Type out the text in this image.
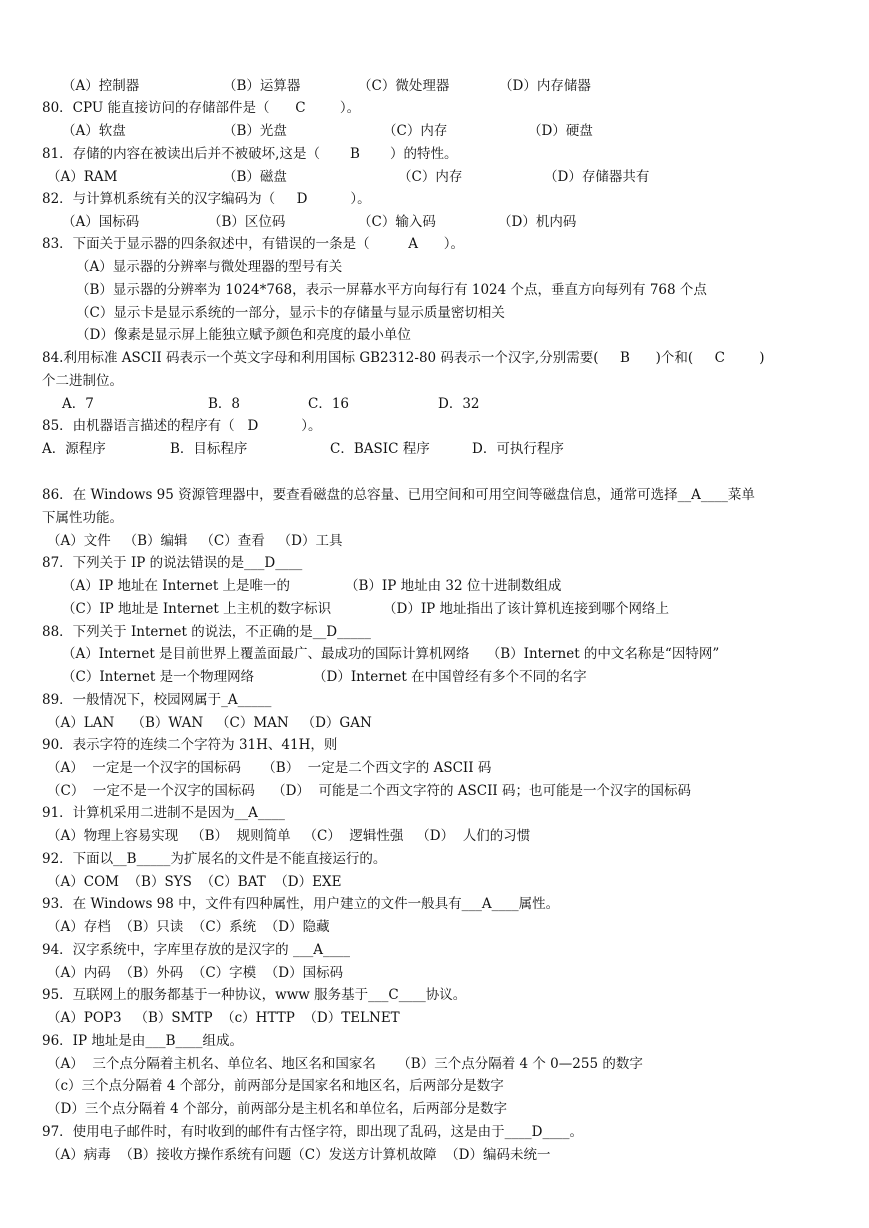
（A）控制器	（B）运算器	（C）微处理器	（D）内存储器
80．CPU 能直接访问的存储部件是（      C        ）。
（A）软盘	（B）光盘	（C）内存	（D）硬盘
81．存储的内容在被读出后并不被破坏,这是（       B       ）的特性。
（A）RAM	（B）磁盘	（C）内存	（D）存储器共有
82．与计算机系统有关的汉字编码为（     D          ）。
（A）国标码	（B）区位码	（C）输入码	（D）机内码
83．下面关于显示器的四条叙述中，有错误的一条是（         A      ）。
（A）显示器的分辨率与微处理器的型号有关
（B）显示器的分辨率为 1024*768，表示一屏幕水平方向每行有 1024 个点，垂直方向每列有 768 个点
（C）显示卡是显示系统的一部分，显示卡的存储量与显示质量密切相关
（D）像素是显示屏上能独立赋予颜色和亮度的最小单位
84.利用标准 ASCII 码表示一个英文字母和利用国标 GB2312-80 码表示一个汉字,分别需要(     B      )个和(     C        )
个二进制位。
A．7	B．8	C．16	D．32
85．由机器语言描述的程序有（   D          ）。
A．源程序	B．目标程序	C．BASIC 程序	D．可执行程序
86．在 Windows 95 资源管理器中，要查看磁盘的总容量、已用空间和可用空间等磁盘信息，通常可选择__A____菜单
下属性功能。
（A）文件   （B）编辑   （C）查看   （D）工具
87．下列关于 IP 的说法错误的是___D____
（A）IP 地址在 Internet 上是唯一的	（B）IP 地址由 32 位十进制数组成
（C）IP 地址是 Internet 上主机的数字标识	（D）IP 地址指出了该计算机连接到哪个网络上
88．下列关于 Internet 的说法，不正确的是__D_____
（A）Internet 是目前世界上覆盖面最广、最成功的国际计算机网络    （B）Internet 的中文名称是“因特网”
（C）Internet 是一个物理网络	（D）Internet 在中国曾经有多个不同的名字
89．一般情况下，校园网属于_A_____
（A）LAN    （B）WAN   （C）MAN   （D）GAN
90．表示字符的连续二个字符为 31H、41H，则
（A）  一定是一个汉字的国标码     （B）  一定是二个西文字的 ASCII 码
（C）  一定不是一个汉字的国标码    （D）  可能是二个西文字符的 ASCII 码；也可能是一个汉字的国标码
91．计算机采用二进制不是因为__A____
（A）物理上容易实现   （B）  规则简单   （C）  逻辑性强   （D）  人们的习惯
92．下面以__B_____为扩展名的文件是不能直接运行的。
（A）COM  （B）SYS  （C）BAT  （D）EXE
93．在 Windows 98 中，文件有四种属性，用户建立的文件一般具有___A____属性。
（A）存档  （B）只读  （C）系统  （D）隐藏
94．汉字系统中，字库里存放的是汉字的 ___A____
（A）内码  （B）外码  （C）字模  （D）国标码
95．互联网上的服务都基于一种协议，www 服务基于___C____协议。
（A）POP3   （B）SMTP  （c）HTTP  （D）TELNET
96．IP 地址是由___B____组成。
（A）  三个点分隔着主机名、单位名、地区名和国家名     （B）三个点分隔着 4 个 0—255 的数字
（c）三个点分隔着 4 个部分，前两部分是国家名和地区名，后两部分是数字
（D）三个点分隔着 4 个部分，前两部分是主机名和单位名，后两部分是数字
97．使用电子邮件时，有时收到的邮件有古怪字符，即出现了乱码，这是由于____D____。
（A）病毒  （B）接收方操作系统有问题（C）发送方计算机故障  （D）编码未统一
